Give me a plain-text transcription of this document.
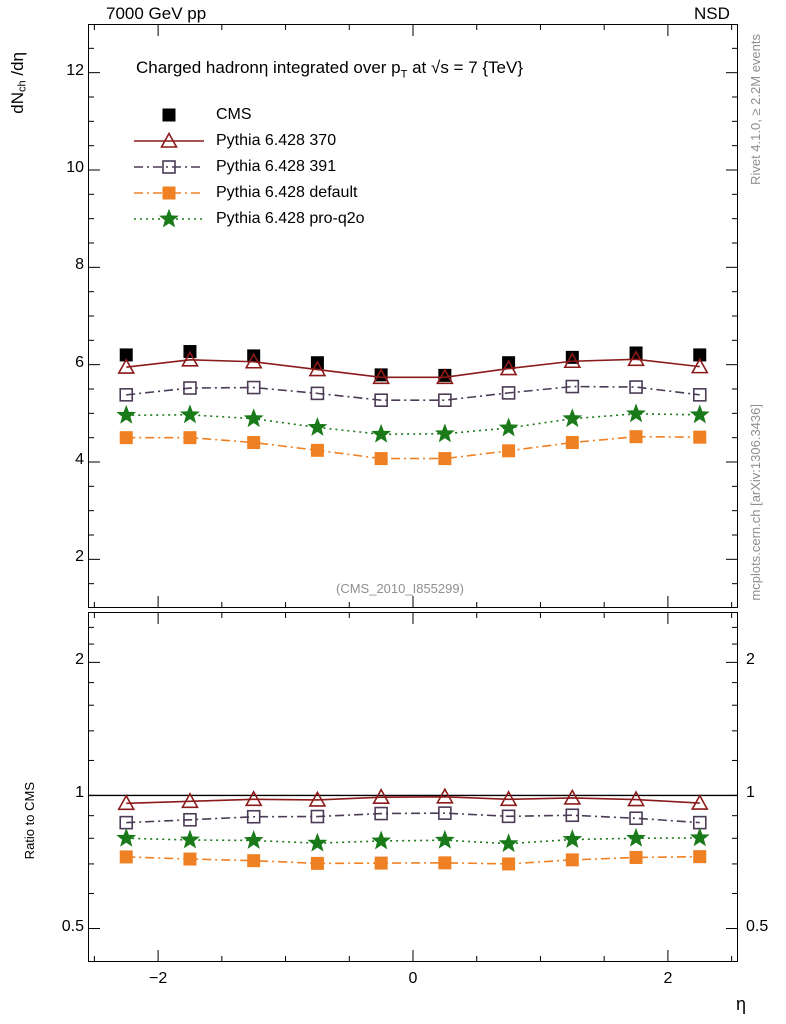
7000 GeV pp	NSD
Rivet 4.1.0, ≥ 2.2M events
mcplots.cern.ch [arXiv:1306.3436]
$dN_{ch}$ /dη
Ratio to CMS
η
2
4
6
8
10
12	Charged hadronη integrated over $p_T$ at √s = 7 {TeV}
(CMS_2010_I855299)
CMS
Pythia 6.428 370
Pythia 6.428 391
Pythia 6.428 default
Pythia 6.428 pro-q2o
0.5
1
2
0.5
1
2
−2	0	2
